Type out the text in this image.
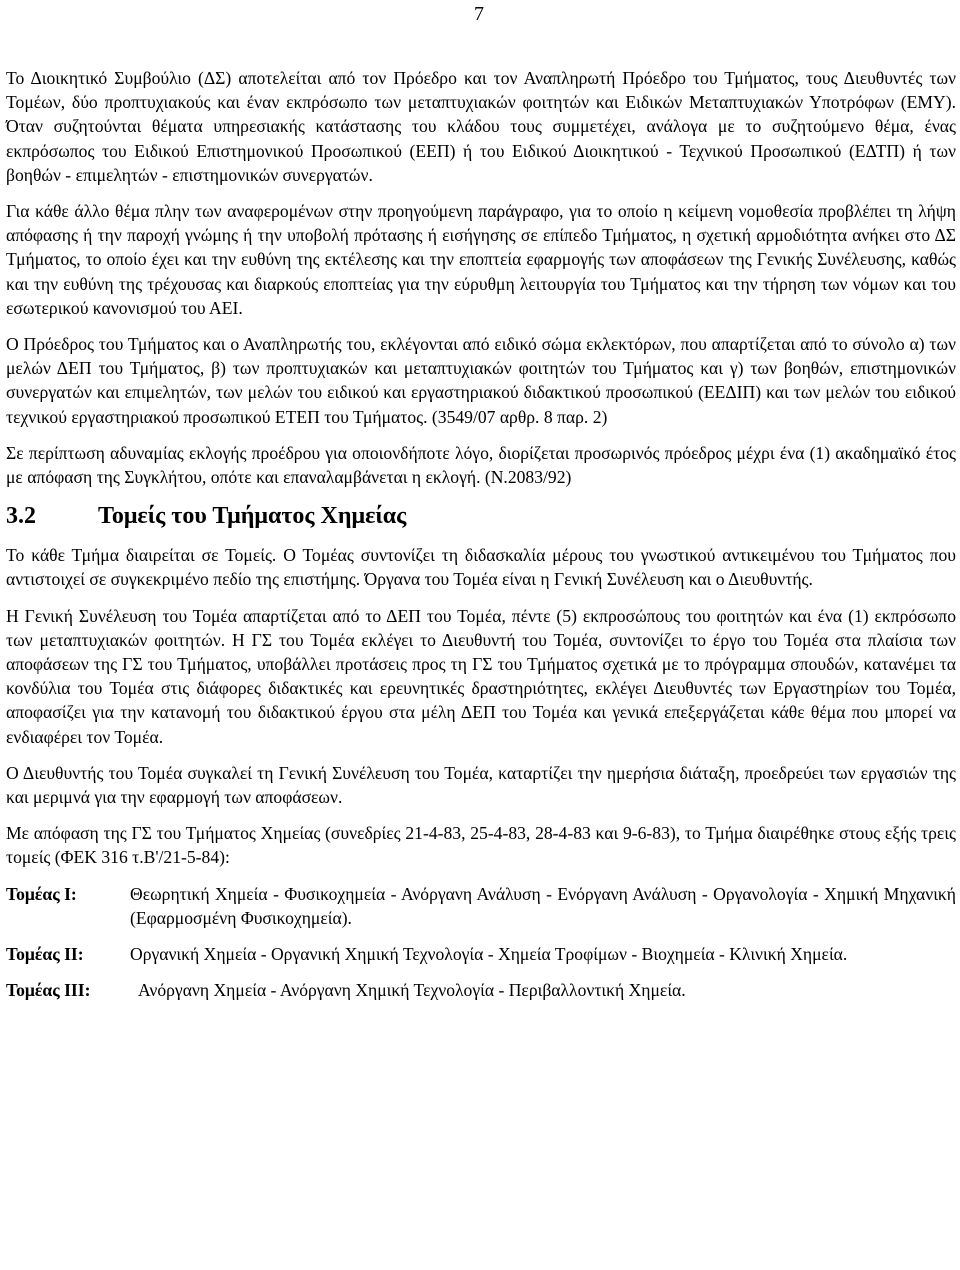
7

Το Διοικητικό Συμβούλιο (ΔΣ) αποτελείται από τον Πρόεδρο και τον Αναπληρωτή Πρόεδρο του Τμήματος, τους Διευθυντές των Τομέων, δύο προπτυχιακούς και έναν εκπρόσωπο των μεταπτυχιακών φοιτητών και Ειδικών Μεταπτυχιακών Υποτρόφων (ΕΜΥ). Όταν συζητούνται θέματα υπηρεσιακής κατάστασης του κλάδου τους συμμετέχει, ανάλογα με το συζητούμενο θέμα, ένας εκπρόσωπος του Ειδικού Επιστημονικού Προσωπικού (ΕΕΠ) ή του Ειδικού Διοικητικού - Τεχνικού Προσωπικού (ΕΔΤΠ) ή των βοηθών - επιμελητών - επιστημονικών συνεργατών.

Για κάθε άλλο θέμα πλην των αναφερομένων στην προηγούμενη παράγραφο, για το οποίο η κείμενη νομοθεσία προβλέπει τη λήψη απόφασης ή την παροχή γνώμης ή την υποβολή πρότασης ή εισήγησης σε επίπεδο Τμήματος, η σχετική αρμοδιότητα ανήκει στο ΔΣ Τμήματος, το οποίο έχει και την ευθύνη της εκτέλεσης και την εποπτεία εφαρμογής των αποφάσεων της Γενικής Συνέλευσης, καθώς και την ευθύνη της τρέχουσας και διαρκούς εποπτείας για την εύρυθμη λειτουργία του Τμήματος και την τήρηση των νόμων και του εσωτερικού κανονισμού του ΑΕΙ.

Ο Πρόεδρος του Τμήματος και ο Αναπληρωτής του, εκλέγονται από ειδικό σώμα εκλεκτόρων, που απαρτίζεται από το σύνολο α) των μελών ΔΕΠ του Τμήματος, β) των προπτυχιακών και μεταπτυχιακών φοιτητών του Τμήματος και γ) των βοηθών, επιστημονικών συνεργατών και επιμελητών, των μελών του ειδικού και εργαστηριακού διδακτικού προσωπικού (ΕΕΔΙΠ) και των μελών του ειδικού τεχνικού εργαστηριακού προσωπικού ΕΤΕΠ του Τμήματος. (3549/07 αρθρ. 8 παρ. 2)

Σε περίπτωση αδυναμίας εκλογής προέδρου για οποιονδήποτε λόγο, διορίζεται προσωρινός πρόεδρος μέχρι ένα (1) ακαδημαϊκό έτος με απόφαση της Συγκλήτου, οπότε και επαναλαμβάνεται η εκλογή. (Ν.2083/92)

3.2	Τομείς του Τμήματος Χημείας

Το κάθε Τμήμα διαιρείται σε Τομείς. Ο Τομέας συντονίζει τη διδασκαλία μέρους του γνωστικού αντικειμένου του Τμήματος που αντιστοιχεί σε συγκεκριμένο πεδίο της επιστήμης. Όργανα του Τομέα είναι η Γενική Συνέλευση και ο Διευθυντής.

Η Γενική Συνέλευση του Τομέα απαρτίζεται από το ΔΕΠ του Τομέα, πέντε (5) εκπροσώπους του φοιτητών και ένα (1) εκπρόσωπο των μεταπτυχιακών φοιτητών. Η ΓΣ του Τομέα εκλέγει το Διευθυντή του Τομέα, συντονίζει το έργο του Τομέα στα πλαίσια των αποφάσεων της ΓΣ του Τμήματος, υποβάλλει προτάσεις προς τη ΓΣ του Τμήματος σχετικά με το πρόγραμμα σπουδών, κατανέμει τα κονδύλια του Τομέα στις διάφορες διδακτικές και ερευνητικές δραστηριότητες, εκλέγει Διευθυντές των Εργαστηρίων του Τομέα, αποφασίζει για την κατανομή του διδακτικού έργου στα μέλη ΔΕΠ του Τομέα και γενικά επεξεργάζεται κάθε θέμα που μπορεί να ενδιαφέρει τον Τομέα.

Ο Διευθυντής του Τομέα συγκαλεί τη Γενική Συνέλευση του Τομέα, καταρτίζει την ημερήσια διάταξη, προεδρεύει των εργασιών της και μεριμνά για την εφαρμογή των αποφάσεων.

Με απόφαση της ΓΣ του Τμήματος Χημείας (συνεδρίες 21-4-83, 25-4-83, 28-4-83 και 9-6-83), το Τμήμα διαιρέθηκε στους εξής τρεις τομείς (ΦΕΚ 316 τ.Β'/21-5-84):

Τομέας Ι:	Θεωρητική Χημεία - Φυσικοχημεία - Ανόργανη Ανάλυση - Ενόργανη Ανάλυση - Οργανολογία - Χημική Μηχανική (Εφαρμοσμένη Φυσικοχημεία).
Τομέας ΙΙ:	Οργανική Χημεία - Οργανική Χημική Τεχνολογία - Χημεία Τροφίμων - Βιοχημεία - Κλινική Χημεία.
Τομέας ΙΙΙ:	Ανόργανη Χημεία - Ανόργανη Χημική Τεχνολογία - Περιβαλλοντική Χημεία.
